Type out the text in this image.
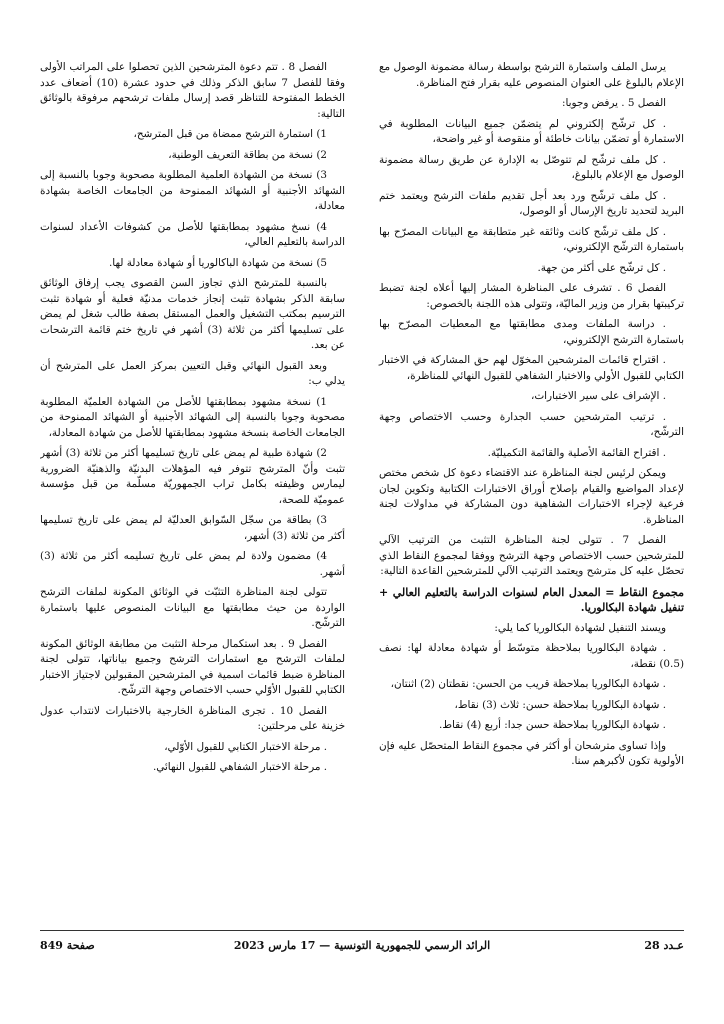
يرسل الملف واستمارة الترشح بواسطة رسالة مضمونة الوصول مع الإعلام بالبلوغ على العنوان المنصوص عليه بقرار فتح المناظرة.

الفصل 5 . يرفض وجوبا:

. كل ترشّح إلكتروني لم يتضمّن جميع البيانات المطلوبة في الاستمارة أو تضمّن بيانات خاطئة أو منقوصة أو غير واضحة،

. كل ملف ترشّح لم تتوصّل به الإدارة عن طريق رسالة مضمونة الوصول مع الإعلام بالبلوغ،

. كل ملف ترشّح ورد بعد أجل تقديم ملفات الترشح ويعتمد ختم البريد لتحديد تاريخ الإرسال أو الوصول،

. كل ملف ترشّح كانت وثائقه غير متطابقة مع البيانات المصرّح بها باستمارة الترشّح الإلكتروني،

. كل ترشّح على أكثر من جهة.

الفصل 6 . تشرف على المناظرة المشار إليها أعلاه لجنة تضبط تركيبتها بقرار من وزير الماليّة، وتتولى هذه اللجنة بالخصوص:

. دراسة الملفات ومدى مطابقتها مع المعطيات المصرّح بها باستمارة الترشح الإلكتروني،

. اقتراح قائمات المترشحين المخوّل لهم حق المشاركة في الاختبار الكتابي للقبول الأولي والاختبار الشفاهي للقبول النهائي للمناظرة،

. الإشراف على سير الاختبارات،

. ترتيب المترشحين حسب الجدارة وحسب الاختصاص وجهة الترشّح،

. اقتراح القائمة الأصلية والقائمة التكميليّة.

ويمكن لرئيس لجنة المناظرة عند الاقتضاء دعوة كل شخص مختص لإعداد المواضيع والقيام بإصلاح أوراق الاختبارات الكتابية وتكوين لجان فرعية لإجراء الاختبارات الشفاهية دون المشاركة في مداولات لجنة المناظرة.

الفصل 7 . تتولى لجنة المناظرة التثبت من الترتيب الآلي للمترشحين حسب الاختصاص وجهة الترشح ووفقا لمجموع النقاط الذي تحصّل عليه كل مترشح ويعتمد الترتيب الآلي للمترشحين القاعدة التالية:

مجموع النقاط = المعدل العام لسنوات الدراسة بالتعليم العالي + تنفيل شهادة البكالوريا.

ويسند التنفيل لشهادة البكالوريا كما يلي:

. شهادة البكالوريا بملاحظة متوسّط أو شهادة معادلة لها: نصف (0.5) نقطة،

. شهادة البكالوريا بملاحظة قريب من الحسن: نقطتان (2) اثنتان،

. شهادة البكالوريا بملاحظة حسن: ثلاث (3) نقاط،

. شهادة البكالوريا بملاحظة حسن جدا: أربع (4) نقاط.

وإذا تساوى مترشحان أو أكثر في مجموع النقاط المتحصّل عليه فإن الأولوية تكون لأكبرهم سنا.

الفصل 8 . تتم دعوة المترشحين الذين تحصلوا على المراتب الأولى وفقا للفصل 7 سابق الذكر وذلك في حدود عشرة (10) أضعاف عدد الخطط المفتوحة للتناظر قصد إرسال ملفات ترشحهم مرفوقة بالوثائق التالية:

1) استمارة الترشح ممضاة من قبل المترشح،

2) نسخة من بطاقة التعريف الوطنية،

3) نسخة من الشهادة العلمية المطلوبة مصحوبة وجوبا بالنسبة إلى الشهائد الأجنبية أو الشهائد الممنوحة من الجامعات الخاصة بشهادة معادلة،

4) نسخ مشهود بمطابقتها للأصل من كشوفات الأعداد لسنوات الدراسة بالتعليم العالي،

5) نسخة من شهادة الباكالوريا أو شهادة معادلة لها.

بالنسبة للمترشح الذي تجاوز السن القصوى يجب إرفاق الوثائق سابقة الذكر بشهادة تثبت إنجاز خدمات مدنيّة فعلية أو شهادة تثبت الترسيم بمكتب التشغيل والعمل المستقل بصفة طالب شغل لم يمض على تسليمها أكثر من ثلاثة (3) أشهر في تاريخ ختم قائمة الترشحات عن بعد.

وبعد القبول النهائي وقبل التعيين بمركز العمل على المترشح أن يدلي ب:

1) نسخة مشهود بمطابقتها للأصل من الشهادة العلميّة المطلوبة مصحوبة وجوبا بالنسبة إلى الشهائد الأجنبية أو الشهائد الممنوحة من الجامعات الخاصة بنسخة مشهود بمطابقتها للأصل من شهادة المعادلة،

2) شهادة طبية لم يمض على تاريخ تسليمها أكثر من ثلاثة (3) أشهر تثبت وأنّ المترشح تتوفر فيه المؤهلات البدنيّة والذهنيّة الضرورية ليمارس وظيفته بكامل تراب الجمهوريّة مسلّمة من قبل مؤسسة عموميّة للصحة،

3) بطاقة من سجّل السّوابق العدليّة لم يمض على تاريخ تسليمها أكثر من ثلاثة (3) أشهر،

4) مضمون ولادة لم يمض على تاريخ تسليمه أكثر من ثلاثة (3) أشهر.

تتولى لجنة المناظرة التثبّت في الوثائق المكونة لملفات الترشح الواردة من حيث مطابقتها مع البيانات المنصوص عليها باستمارة الترشّح.

الفصل 9 . بعد استكمال مرحلة التثبت من مطابقة الوثائق المكونة لملفات الترشح مع استمارات الترشح وجميع بياناتها، تتولى لجنة المناظرة ضبط قائمات اسمية في المترشحين المقبولين لاجتياز الاختبار الكتابي للقبول الأوّلي حسب الاختصاص وجهة الترشّح.

الفصل 10 . تجرى المناظرة الخارجية بالاختبارات لانتداب عدول خزينة على مرحلتين:

. مرحلة الاختبار الكتابي للقبول الأوّلي،

. مرحلة الاختبار الشفاهي للقبول النهائي.

عـدد 28
الرائد الرسمي للجمهورية التونسية — 17 مارس 2023
صفحة 849
